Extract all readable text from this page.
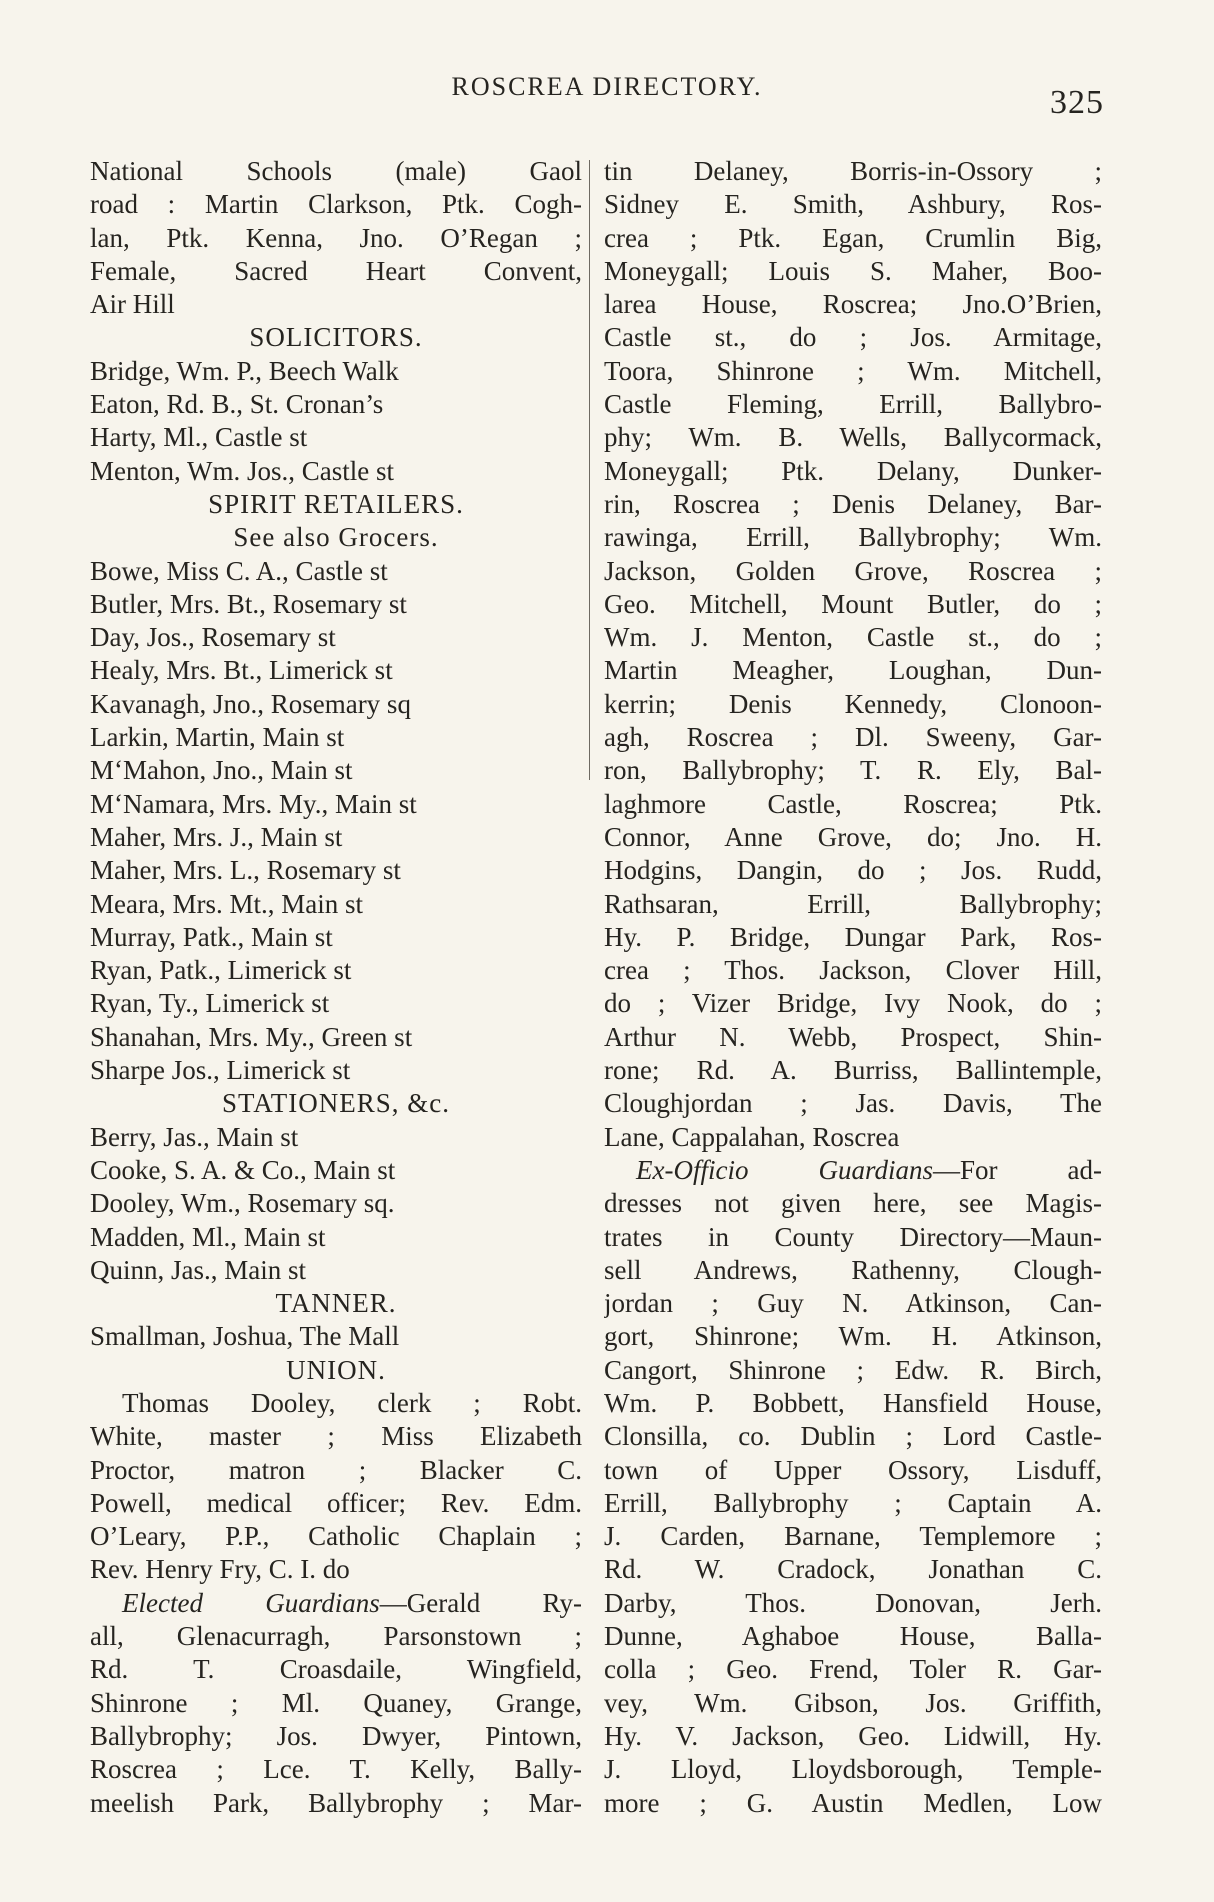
ROSCREA DIRECTORY.	325
National Schools (male) Gaol
road : Martin Clarkson, Ptk. Cogh-
lan, Ptk. Kenna, Jno. O’Regan ;
Female, Sacred Heart Convent,
Air Hill
SOLICITORS.
Bridge, Wm. P., Beech Walk
Eaton, Rd. B., St. Cronan’s
Harty, Ml., Castle st
Menton, Wm. Jos., Castle st
SPIRIT RETAILERS.
See also Grocers.
Bowe, Miss C. A., Castle st
Butler, Mrs. Bt., Rosemary st
Day, Jos., Rosemary st
Healy, Mrs. Bt., Limerick st
Kavanagh, Jno., Rosemary sq
Larkin, Martin, Main st
M‘Mahon, Jno., Main st
M‘Namara, Mrs. My., Main st
Maher, Mrs. J., Main st
Maher, Mrs. L., Rosemary st
Meara, Mrs. Mt., Main st
Murray, Patk., Main st
Ryan, Patk., Limerick st
Ryan, Ty., Limerick st
Shanahan, Mrs. My., Green st
Sharpe Jos., Limerick st
STATIONERS, &c.
Berry, Jas., Main st
Cooke, S. A. & Co., Main st
Dooley, Wm., Rosemary sq.
Madden, Ml., Main st
Quinn, Jas., Main st
TANNER.
Smallman, Joshua, The Mall
UNION.
Thomas Dooley, clerk ; Robt.
White, master ; Miss Elizabeth
Proctor, matron ; Blacker C.
Powell, medical officer; Rev. Edm.
O’Leary, P.P., Catholic Chaplain ;
Rev. Henry Fry, C. I. do
Elected Guardians—Gerald Ry-
all, Glenacurragh, Parsonstown ;
Rd. T. Croasdaile, Wingfield,
Shinrone ; Ml. Quaney, Grange,
Ballybrophy; Jos. Dwyer, Pintown,
Roscrea ; Lce. T. Kelly, Bally-
meelish Park, Ballybrophy ; Mar-
tin Delaney, Borris-in-Ossory ;
Sidney E. Smith, Ashbury, Ros-
crea ; Ptk. Egan, Crumlin Big,
Moneygall; Louis S. Maher, Boo-
larea House, Roscrea; Jno.O’Brien,
Castle st., do ; Jos. Armitage,
Toora, Shinrone ; Wm. Mitchell,
Castle Fleming, Errill, Ballybro-
phy; Wm. B. Wells, Ballycormack,
Moneygall; Ptk. Delany, Dunker-
rin, Roscrea ; Denis Delaney, Bar-
rawinga, Errill, Ballybrophy; Wm.
Jackson, Golden Grove, Roscrea ;
Geo. Mitchell, Mount Butler, do ;
Wm. J. Menton, Castle st., do ;
Martin Meagher, Loughan, Dun-
kerrin; Denis Kennedy, Clonoon-
agh, Roscrea ; Dl. Sweeny, Gar-
ron, Ballybrophy; T. R. Ely, Bal-
laghmore Castle, Roscrea; Ptk.
Connor, Anne Grove, do; Jno. H.
Hodgins, Dangin, do ; Jos. Rudd,
Rathsaran, Errill, Ballybrophy;
Hy. P. Bridge, Dungar Park, Ros-
crea ; Thos. Jackson, Clover Hill,
do ; Vizer Bridge, Ivy Nook, do ;
Arthur N. Webb, Prospect, Shin-
rone; Rd. A. Burriss, Ballintemple,
Cloughjordan ; Jas. Davis, The
Lane, Cappalahan, Roscrea
Ex-Officio Guardians—For ad-
dresses not given here, see Magis-
trates in County Directory—Maun-
sell Andrews, Rathenny, Clough-
jordan ; Guy N. Atkinson, Can-
gort, Shinrone; Wm. H. Atkinson,
Cangort, Shinrone ; Edw. R. Birch,
Wm. P. Bobbett, Hansfield House,
Clonsilla, co. Dublin ; Lord Castle-
town of Upper Ossory, Lisduff,
Errill, Ballybrophy ; Captain A.
J. Carden, Barnane, Templemore ;
Rd. W. Cradock, Jonathan C.
Darby, Thos. Donovan, Jerh.
Dunne, Aghaboe House, Balla-
colla ; Geo. Frend, Toler R. Gar-
vey, Wm. Gibson, Jos. Griffith,
Hy. V. Jackson, Geo. Lidwill, Hy.
J. Lloyd, Lloydsborough, Temple-
more ; G. Austin Medlen, Low
